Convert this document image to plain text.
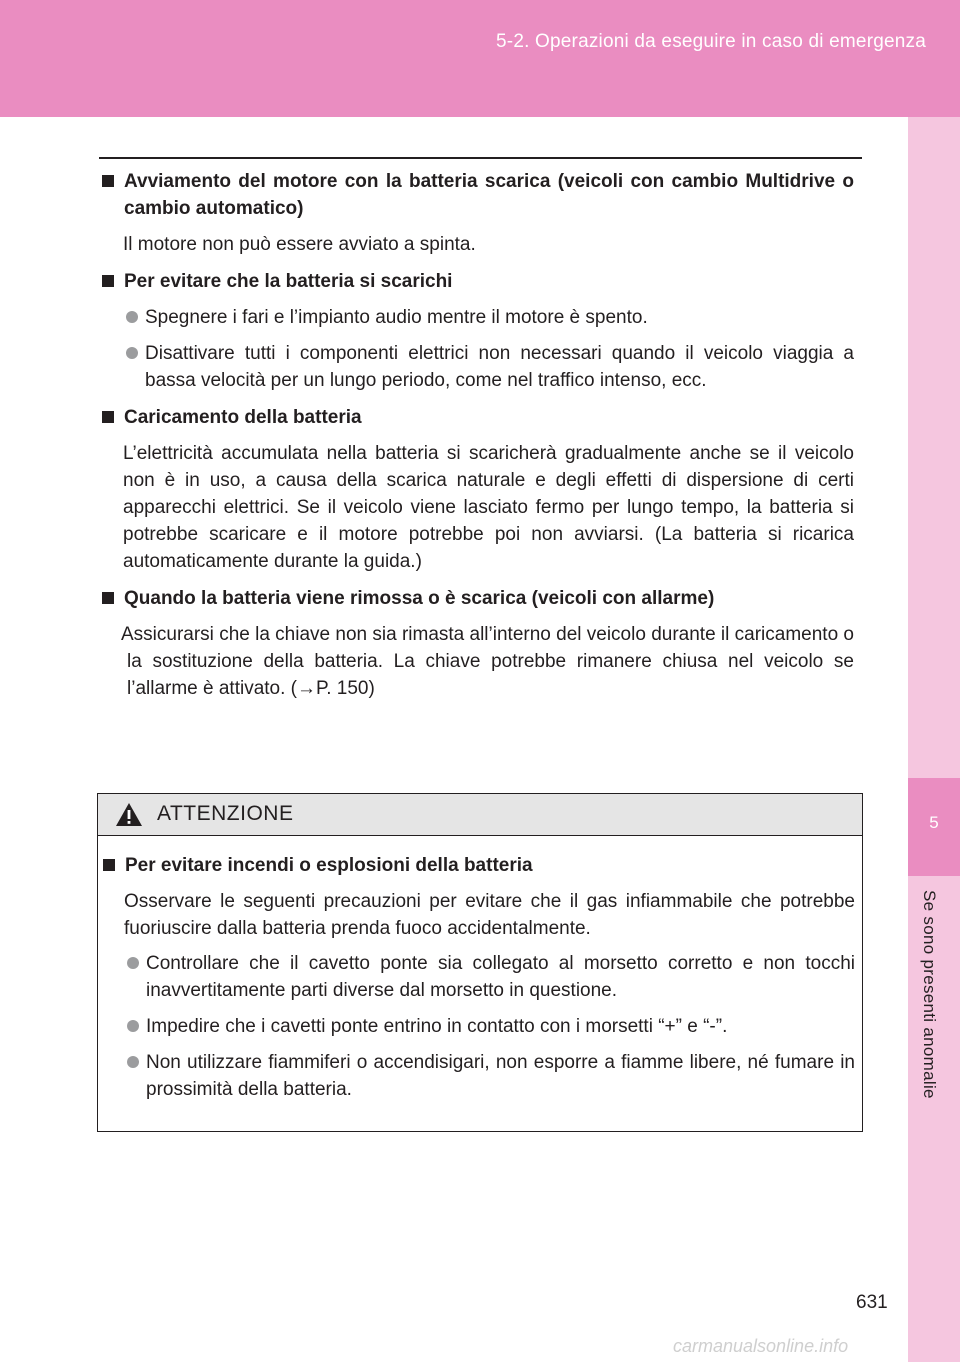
5-2. Operazioni da eseguire in caso di emergenza
5
Se sono presenti anomalie
Avviamento del motore con la batteria scarica (veicoli con cambio Multidrive o cambio automatico)
Il motore non può essere avviato a spinta.
Per evitare che la batteria si scarichi
Spegnere i fari e l’impianto audio mentre il motore è spento.
Disattivare tutti i componenti elettrici non necessari quando il veicolo viaggia a bassa velocità per un lungo periodo, come nel traffico intenso, ecc.
Caricamento della batteria
L’elettricità accumulata nella batteria si scaricherà gradualmente anche se il veicolo non è in uso, a causa della scarica naturale e degli effetti di dispersione di certi apparecchi elettrici. Se il veicolo viene lasciato fermo per lungo tempo, la batteria si potrebbe scaricare e il motore potrebbe poi non avviarsi. (La batteria si ricarica automaticamente durante la guida.)
Quando la batteria viene rimossa o è scarica (veicoli con allarme)
Assicurarsi che la chiave non sia rimasta all’interno del veicolo durante il caricamento o la sostituzione della batteria. La chiave potrebbe rimanere chiusa nel veicolo se l’allarme è attivato. (→P. 150)
ATTENZIONE
Per evitare incendi o esplosioni della batteria
Osservare le seguenti precauzioni per evitare che il gas infiammabile che potrebbe fuoriuscire dalla batteria prenda fuoco accidentalmente.
Controllare che il cavetto ponte sia collegato al morsetto corretto e non tocchi inavvertitamente parti diverse dal morsetto in questione.
Impedire che i cavetti ponte entrino in contatto con i morsetti “+” e “-”.
Non utilizzare fiammiferi o accendisigari, non esporre a fiamme libere, né fumare in prossimità della batteria.
631
carmanualsonline.info
